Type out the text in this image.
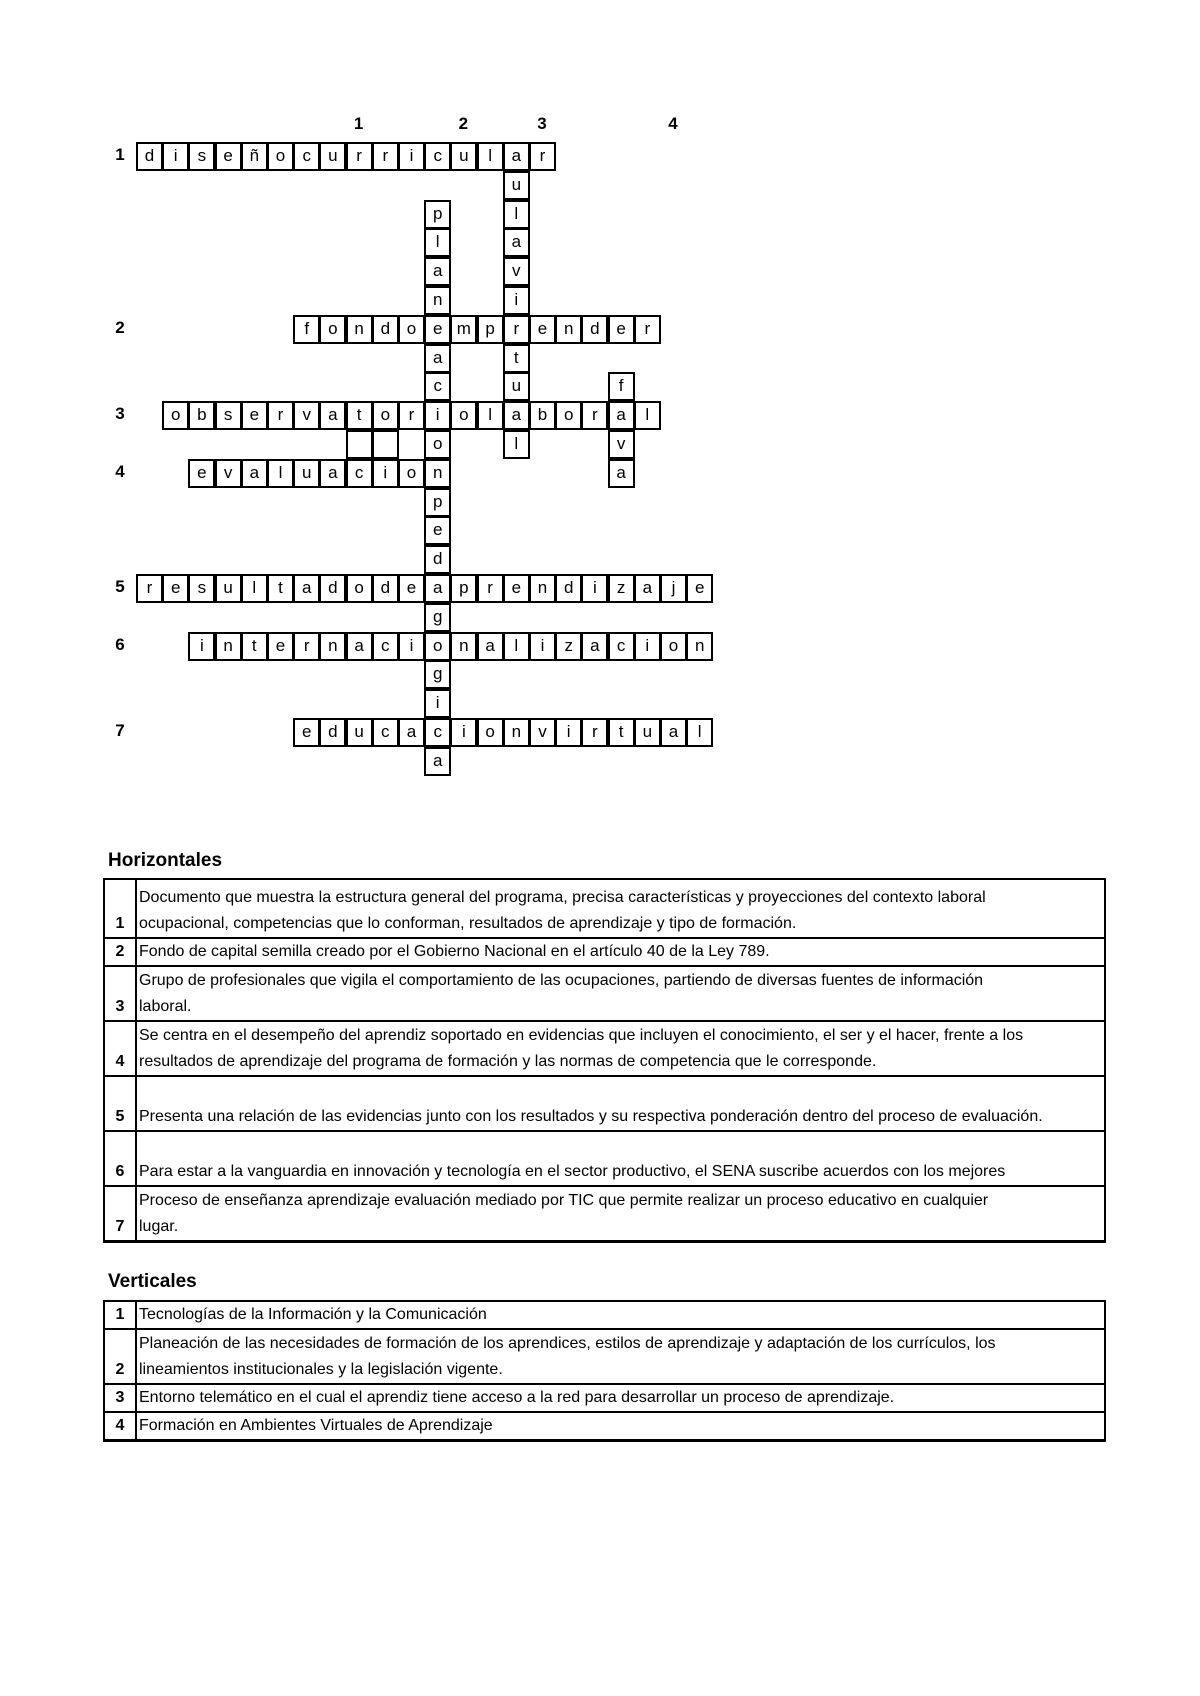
1	2	3	4
1
2
3
4
5
6
7
d	i	s	e ñ o	c	u	r	r	i	c	u	l	a	r
f	o n d o e m p	r	e n d e	r
o b	s	e	r	v	a	t	o	r	i	o	l	a b o	r	a	l
e	v	a	l	u a	c	i	o n
r	e	s	u	l	t	a d o d e a p	r	e n d	i	z	a	j	e
i	n	t	e	r	n a	c	i	o n a	l	i	z	a	c	i	o n
e d u	c	a	c	i	o n	v	i	r	t	u a	l
u
l
a
v
i
t
u
l
p
l
a
n
a
c
o
p
e
d
g
g
i
a
f
v
a
Horizontales
1	Documento que muestra la estructura general del programa, precisa características y proyecciones del contexto laboral
ocupacional, competencias que lo conforman, resultados de aprendizaje y tipo de formación.

2	Fondo de capital semilla creado por el Gobierno Nacional en el artículo 40 de la Ley 789.

3	Grupo de profesionales que vigila el comportamiento de las ocupaciones, partiendo de diversas fuentes de información
laboral.

4	Se centra en el desempeño del aprendiz soportado en evidencias que incluyen el conocimiento, el ser y el hacer, frente a los
resultados de aprendizaje del programa de formación y las normas de competencia que le corresponde.

5	Presenta una relación de las evidencias junto con los resultados y su respectiva ponderación dentro del proceso de evaluación.

6	Para estar a la vanguardia en innovación y tecnología en el sector productivo, el SENA suscribe acuerdos con los mejores

7	Proceso de enseñanza aprendizaje evaluación mediado por TIC que permite realizar un proceso educativo en cualquier
lugar.
Verticales
1	Tecnologías de la Información y la Comunicación

2	Planeación de las necesidades de formación de los aprendices, estilos de aprendizaje y adaptación de los currículos, los
lineamientos institucionales y la legislación vigente.

3	Entorno telemático en el cual el aprendiz tiene acceso a la red para desarrollar un proceso de aprendizaje.

4	Formación en Ambientes Virtuales de Aprendizaje
